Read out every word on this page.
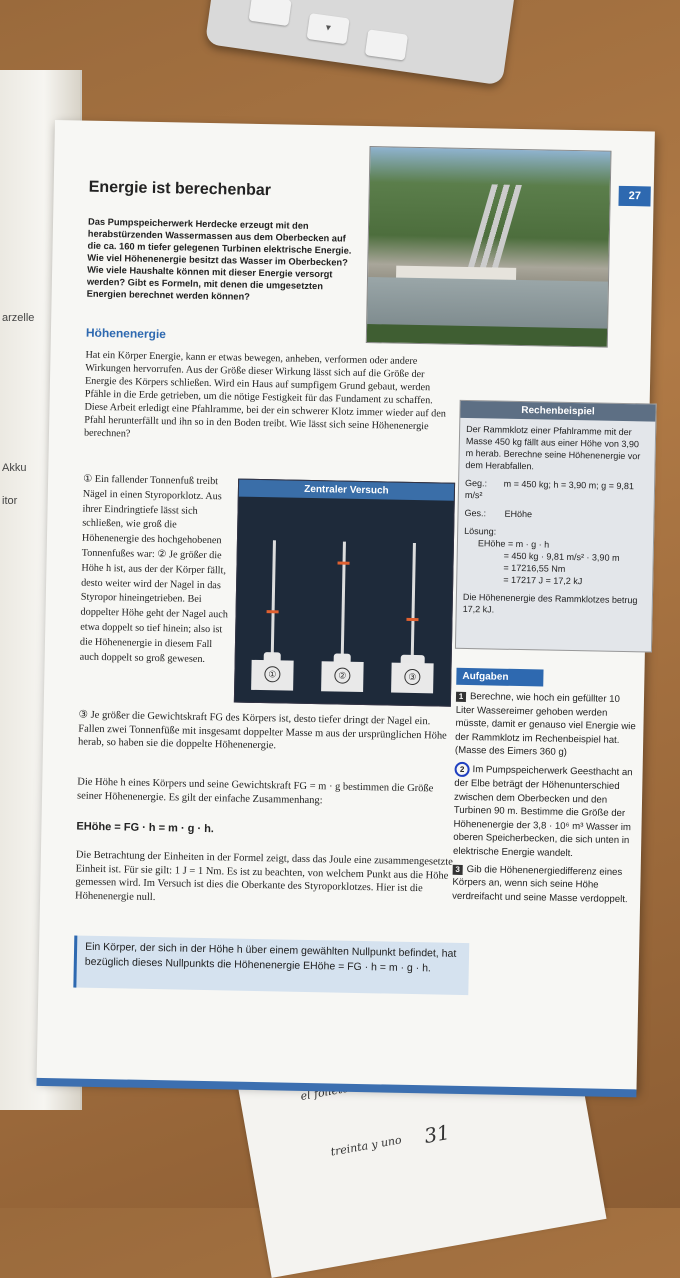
▾
arzelle
Akku
itor
treinta y uno 31
Energie ist berechenbar
Das Pumpspeicherwerk Herdecke erzeugt mit den herabstürzenden Wassermassen aus dem Oberbecken auf die ca. 160 m tiefer gelegenen Turbinen elektrische Energie. Wie viel Höhenenergie besitzt das Wasser im Oberbecken? Wie viele Haushalte können mit dieser Energie versorgt werden? Gibt es Formeln, mit denen die umgesetzten Energien berechnet werden können?
27
Höhenenergie
Hat ein Körper Energie, kann er etwas bewegen, anheben, verformen oder andere Wirkungen hervorrufen. Aus der Größe dieser Wirkung lässt sich auf die Größe der Energie des Körpers schließen. Wird ein Haus auf sumpfigem Grund gebaut, werden Pfähle in die Erde getrieben, um die nötige Festigkeit für das Fundament zu schaffen. Diese Arbeit erledigt eine Pfahlramme, bei der ein schwerer Klotz immer wieder auf den Pfahl herunterfällt und ihn so in den Boden treibt. Wie lässt sich seine Höhenenergie berechnen?
① Ein fallender Tonnenfuß treibt Nägel in einen Styroporklotz. Aus ihrer Eindringtiefe lässt sich schließen, wie groß die Höhenenergie des hochgehobenen Tonnenfußes war: ② Je größer die Höhe h ist, aus der der Körper fällt, desto weiter wird der Nagel in das Styropor hineingetrieben. Bei doppelter Höhe geht der Nagel auch etwa doppelt so tief hinein; also ist die Höhenenergie in diesem Fall auch doppelt so groß gewesen.
Zentraler Versuch
①	②	③
③ Je größer die Gewichtskraft FG des Körpers ist, desto tiefer dringt der Nagel ein. Fallen zwei Tonnenfüße mit insgesamt doppelter Masse m aus der ursprünglichen Höhe herab, so haben sie die doppelte Höhenenergie.
Die Höhe h eines Körpers und seine Gewichtskraft FG = m · g bestimmen die Größe seiner Höhenenergie. Es gilt der einfache Zusammenhang:
EHöhe = FG · h = m · g · h.
Die Betrachtung der Einheiten in der Formel zeigt, dass das Joule eine zusammengesetzte Einheit ist. Für sie gilt: 1 J = 1 Nm. Es ist zu beachten, von welchem Punkt aus die Höhe gemessen wird. Im Versuch ist dies die Oberkante des Styroporklotzes. Hier ist die Höhenenergie null.
Ein Körper, der sich in der Höhe h über einem gewählten Nullpunkt befindet, hat bezüglich dieses Nullpunkts die Höhenenergie EHöhe = FG · h = m · g · h.
Rechenbeispiel
Der Rammklotz einer Pfahlramme mit der Masse 450 kg fällt aus einer Höhe von 3,90 m herab. Berechne seine Höhenenergie vor dem Herabfallen.
Geg.: m = 450 kg; h = 3,90 m; g = 9,81 m/s²
Ges.: EHöhe
Lösung:
EHöhe = m · g · h
= 450 kg · 9,81 m/s² · 3,90 m
= 17216,55 Nm
= 17217 J = 17,2 kJ
Die Höhenenergie des Rammklotzes betrug 17,2 kJ.
Aufgaben
1 Berechne, wie hoch ein gefüllter 10 Liter Wassereimer gehoben werden müsste, damit er genauso viel Energie wie der Rammklotz im Rechenbeispiel hat. (Masse des Eimers 360 g)
2 Im Pumpspeicherwerk Geesthacht an der Elbe beträgt der Höhenunterschied zwischen dem Oberbecken und den Turbinen 90 m. Bestimme die Größe der Höhenenergie der 3,8 · 10⁶ m³ Wasser im oberen Speicherbecken, die sich unten in elektrische Energie wandelt.
3 Gib die Höhenenergiedifferenz eines Körpers an, wenn sich seine Höhe verdreifacht und seine Masse verdoppelt.
